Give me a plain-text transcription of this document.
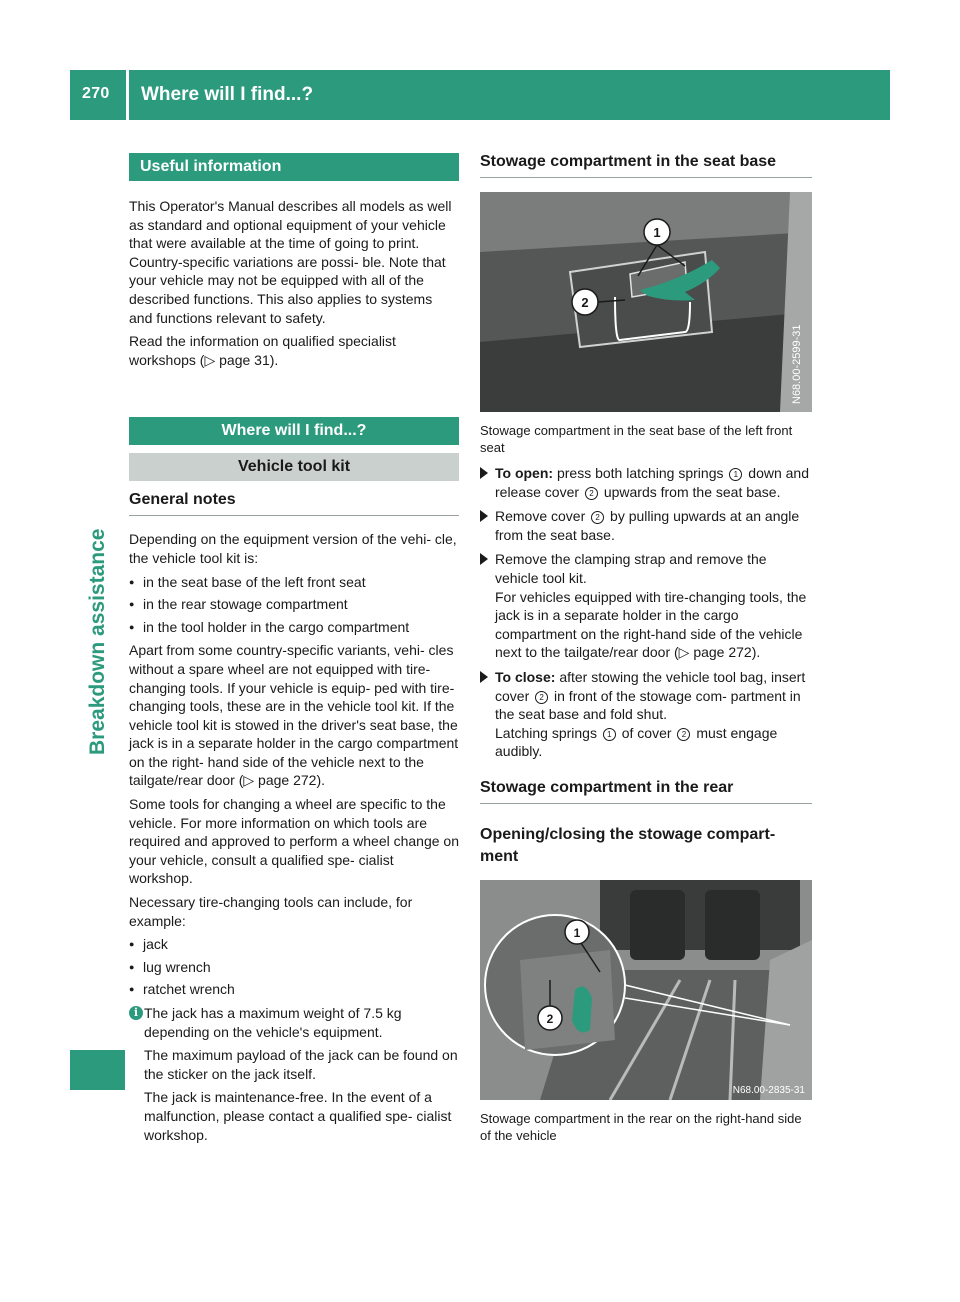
270 Where will I find...?
Breakdown assistance
Useful information

This Operator's Manual describes all models as well as standard and optional equipment of your vehicle that were available at the time of going to print. Country-specific variations are possi- ble. Note that your vehicle may not be equipped with all of the described functions. This also applies to systems and functions relevant to safety.

Read the information on qualified specialist workshops (▷ page 31).

Where will I find...?
Vehicle tool kit
General notes

Depending on the equipment version of the vehi- cle, the vehicle tool kit is:

● in the seat base of the left front seat
● in the rear stowage compartment
● in the tool holder in the cargo compartment

Apart from some country-specific variants, vehi- cles without a spare wheel are not equipped with tire-changing tools. If your vehicle is equip- ped with tire-changing tools, these are in the vehicle tool kit. If the vehicle tool kit is stowed in the driver's seat base, the jack is in a separate holder in the cargo compartment on the right- hand side of the vehicle next to the tailgate/rear door (▷ page 272).

Some tools for changing a wheel are specific to the vehicle. For more information on which tools are required and approved to perform a wheel change on your vehicle, consult a qualified spe- cialist workshop.

Necessary tire-changing tools can include, for example:

● jack
● lug wrench
● ratchet wrench
i The jack has a maximum weight of 7.5 kg depending on the vehicle's equipment.

The maximum payload of the jack can be found on the sticker on the jack itself.

The jack is maintenance-free. In the event of a malfunction, please contact a qualified spe- cialist workshop.

Stowage compartment in the seat base
1
2
N68.00-2599-31
Stowage compartment in the seat base of the left front seat

To open: press both latching springs 1 down and release cover 2 upwards from the seat base.

Remove cover 2 by pulling upwards at an angle from the seat base.

Remove the clamping strap and remove the vehicle tool kit.

For vehicles equipped with tire-changing tools, the jack is in a separate holder in the cargo compartment on the right-hand side of the vehicle next to the tailgate/rear door (▷ page 272).

To close: after stowing the vehicle tool bag, insert cover 2 in front of the stowage com- partment in the seat base and fold shut.

Latching springs 1 of cover 2 must engage audibly.

Stowage compartment in the rear
Opening/closing the stowage compart- ment
1
2
N68.00-2835-31
Stowage compartment in the rear on the right-hand side of the vehicle
